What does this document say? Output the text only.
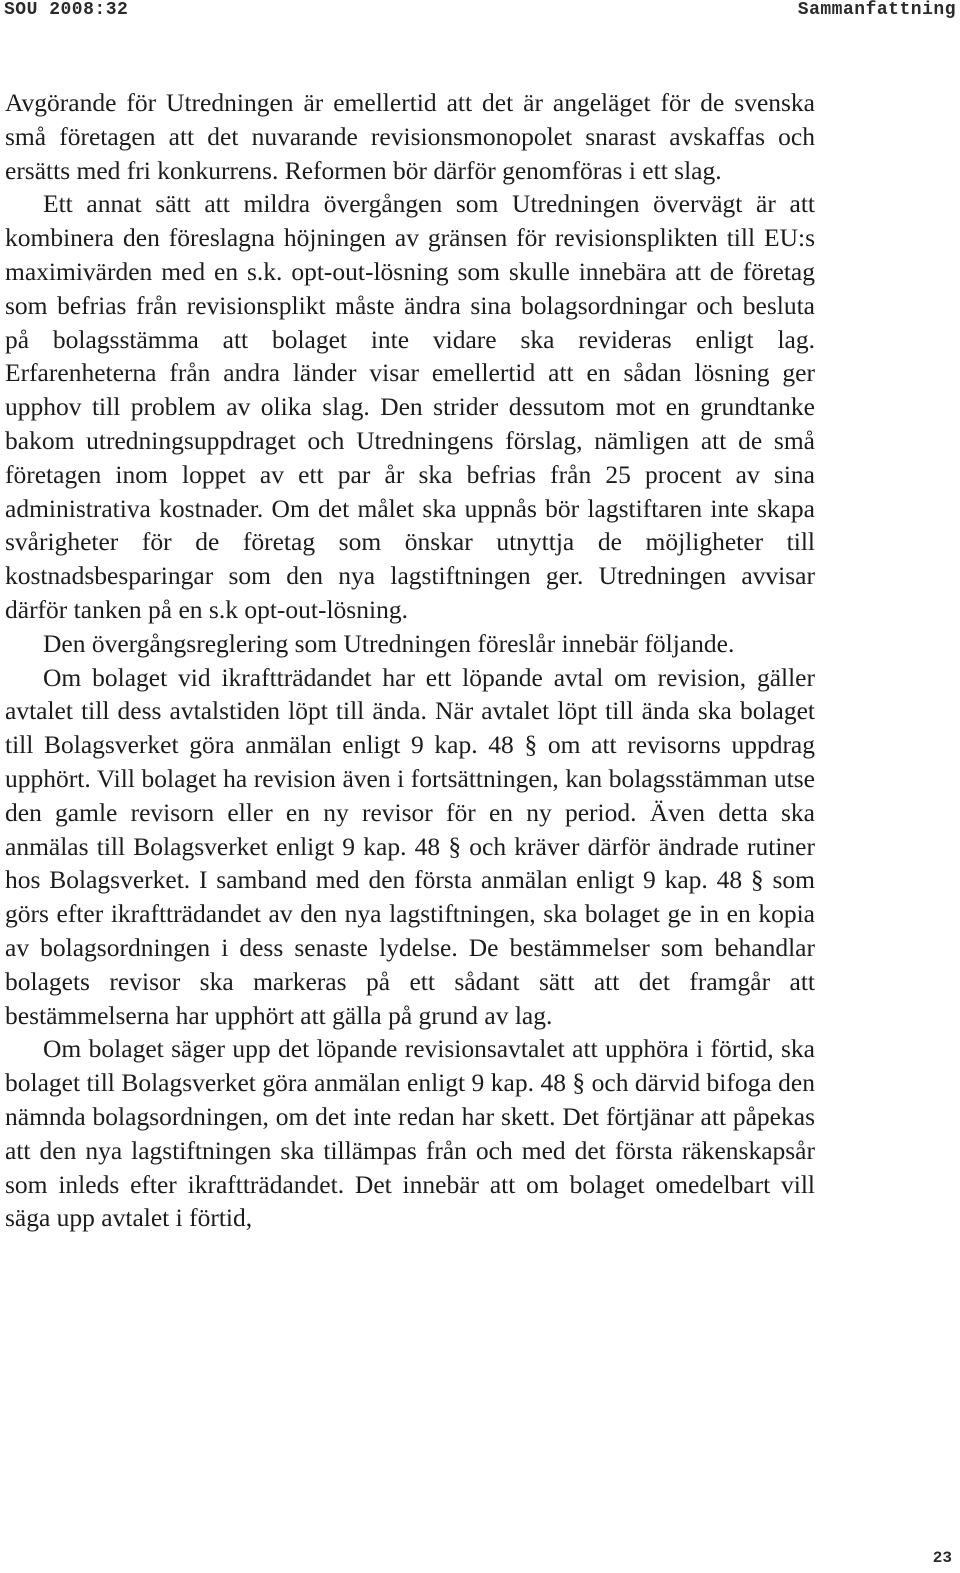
SOU 2008:32	Sammanfattning

Avgörande för Utredningen är emellertid att det är angeläget för de svenska små företagen att det nuvarande revisionsmonopolet snarast avskaffas och ersätts med fri konkurrens. Reformen bör därför genomföras i ett slag.

Ett annat sätt att mildra övergången som Utredningen övervägt är att kombinera den föreslagna höjningen av gränsen för revisionsplikten till EU:s maximivärden med en s.k. opt-out-lösning som skulle innebära att de företag som befrias från revisionsplikt måste ändra sina bolagsordningar och besluta på bolagsstämma att bolaget inte vidare ska revideras enligt lag. Erfarenheterna från andra länder visar emellertid att en sådan lösning ger upphov till problem av olika slag. Den strider dessutom mot en grundtanke bakom utredningsuppdraget och Utredningens förslag, nämligen att de små företagen inom loppet av ett par år ska befrias från 25 procent av sina administrativa kostnader. Om det målet ska uppnås bör lagstiftaren inte skapa svårigheter för de företag som önskar utnyttja de möjligheter till kostnadsbesparingar som den nya lagstiftningen ger. Utredningen avvisar därför tanken på en s.k opt-out-lösning.

Den övergångsreglering som Utredningen föreslår innebär följande.

Om bolaget vid ikraftträdandet har ett löpande avtal om revision, gäller avtalet till dess avtalstiden löpt till ända. När avtalet löpt till ända ska bolaget till Bolagsverket göra anmälan enligt 9 kap. 48 § om att revisorns uppdrag upphört. Vill bolaget ha revision även i fortsättningen, kan bolagsstämman utse den gamle revisorn eller en ny revisor för en ny period. Även detta ska anmälas till Bolagsverket enligt 9 kap. 48 § och kräver därför ändrade rutiner hos Bolagsverket. I samband med den första anmälan enligt 9 kap. 48 § som görs efter ikraftträdandet av den nya lagstiftningen, ska bolaget ge in en kopia av bolagsordningen i dess senaste lydelse. De bestämmelser som behandlar bolagets revisor ska markeras på ett sådant sätt att det framgår att bestämmelserna har upphört att gälla på grund av lag.

Om bolaget säger upp det löpande revisionsavtalet att upphöra i förtid, ska bolaget till Bolagsverket göra anmälan enligt 9 kap. 48 § och därvid bifoga den nämnda bolagsordningen, om det inte redan har skett. Det förtjänar att påpekas att den nya lagstiftningen ska tillämpas från och med det första räkenskapsår som inleds efter ikraftträdandet. Det innebär att om bolaget omedelbart vill säga upp avtalet i förtid,

23
